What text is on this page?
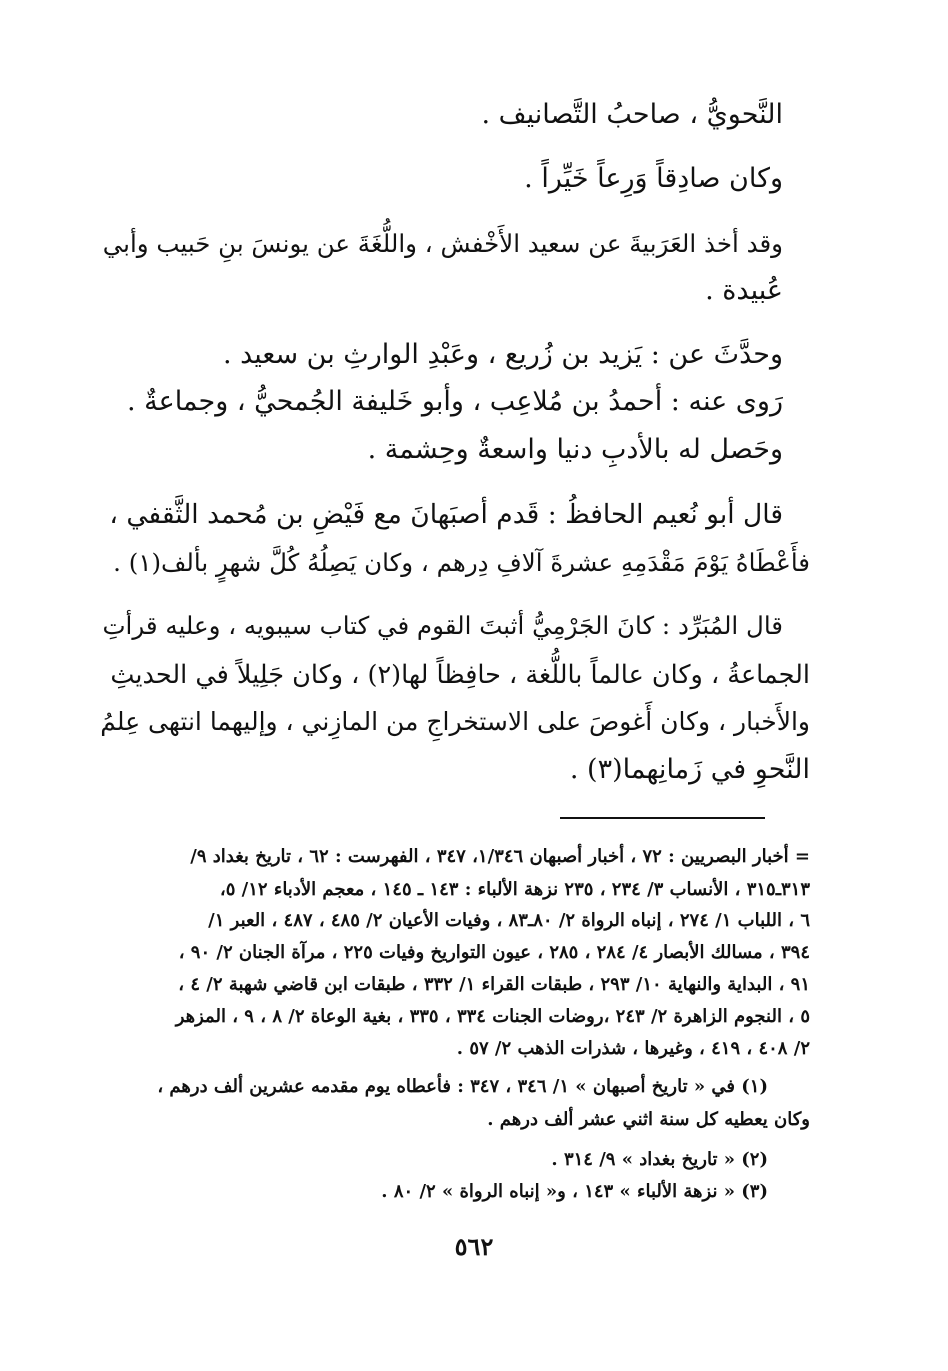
النَّحويُّ ، صاحبُ التَّصانيف .
وكان صادِقاً وَرِعاً خَيِّراً .
وقد أخذ العَرَبيةَ عن سعيد الأَخْفش ، واللُّغَةَ عن يونسَ بنِ حَبيب وأبي
عُبيدة .
وحدَّثَ عن : يَزيد بن زُريع ، وعَبْدِ الوارثِ بن سعيد .
رَوى عنه : أحمدُ بن مُلاعِب ، وأبو خَليفة الجُمحيُّ ، وجماعةٌ .
وحَصل له بالأدبِ دنيا واسعةٌ وحِشمة .
قال أبو نُعيم الحافظُ : قَدم أصبَهانَ مع فَيْضِ بن مُحمد الثَّقفي ،
فأَعْطَاهُ يَوْمَ مَقْدَمِهِ عشرةَ آلافِ دِرهم ، وكان يَصِلُهُ كُلَّ شهرٍ بألف(١) .
قال المُبَرِّد : كانَ الجَرْمِيُّ أثبتَ القوم في كتاب سيبويه ، وعليه قرأتِ
الجماعةُ ، وكان عالماً باللُّغة ، حافِظاً لها(٢) ، وكان جَلِيلاً في الحديثِ
والأَخبار ، وكان أَغوصَ على الاستخراجِ من المازِني ، وإليهما انتهى عِلمُ
النَّحوِ في زَمانِهما(٣) .
= أخبار البصريين : ٧٢ ، أخبار أصبهان ١/٣٤٦، ٣٤٧ ، الفهرست : ٦٢ ، تاريخ بغداد ٩/
٣١٣ـ٣١٥ ، الأنساب ٣/ ٢٣٤ ، ٢٣٥ نزهة الألباء : ١٤٣ ـ ١٤٥ ، معجم الأدباء ١٢/ ٥،
٦ ، اللباب ١/ ٢٧٤ ، إنباه الرواة ٢/ ٨٠ـ٨٣ ، وفيات الأعيان ٢/ ٤٨٥ ، ٤٨٧ ، العبر ١/
٣٩٤ ، مسالك الأبصار ٤/ ٢٨٤ ، ٢٨٥ ، عيون التواريخ وفيات ٢٢٥ ، مرآة الجنان ٢/ ٩٠ ،
٩١ ، البداية والنهاية ١٠/ ٢٩٣ ، طبقات القراء ١/ ٣٣٢ ، طبقات ابن قاضي شهبة ٢/ ٤ ،
٥ ، النجوم الزاهرة ٢/ ٢٤٣ ،روضات الجنات ٣٣٤ ، ٣٣٥ ، بغية الوعاة ٢/ ٨ ، ٩ ، المزهر
٢/ ٤٠٨ ، ٤١٩ ، وغيرها ، شذرات الذهب ٢/ ٥٧ .
(١) في « تاريخ أصبهان » ١/ ٣٤٦ ، ٣٤٧ : فأعطاه يوم مقدمه عشرين ألف درهم ،
وكان يعطيه كل سنة اثني عشر ألف درهم .
(٢) « تاريخ بغداد » ٩/ ٣١٤ .
(٣) « نزهة الألباء » ١٤٣ ، و« إنباه الرواة » ٢/ ٨٠ .
٥٦٢
